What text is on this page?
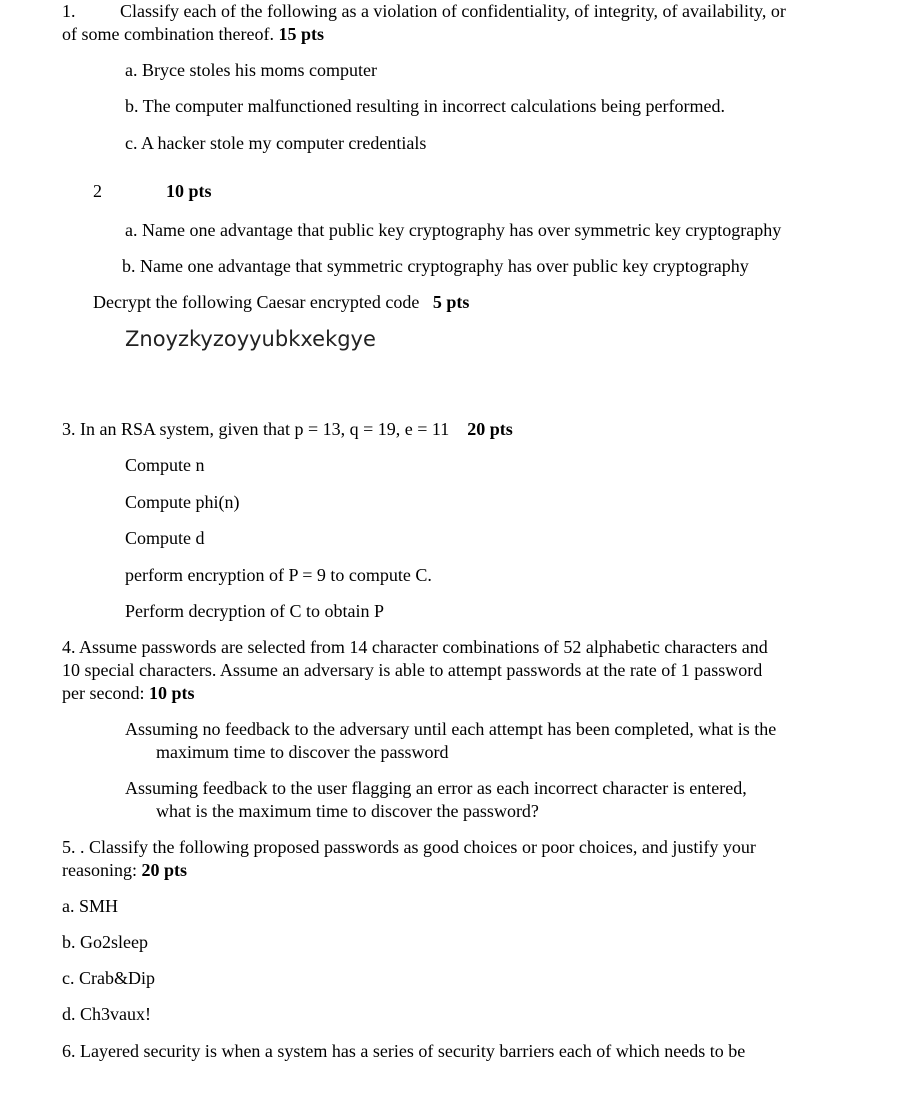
1. Classify each of the following as a violation of confidentiality, of integrity, of availability, or

of some combination thereof. 15 pts

a. Bryce stoles his moms computer

b. The computer malfunctioned resulting in incorrect calculations being performed.

c. A hacker stole my computer credentials

2	10 pts

a. Name one advantage that public key cryptography has over symmetric key cryptography

b. Name one advantage that symmetric cryptography has over public key cryptography

Decrypt the following Caesar encrypted code 5 pts

Znoyzkyzoyyubkxekgye

3. In an RSA system, given that p = 13, q = 19, e = 11 20 pts

Compute n

Compute phi(n)

Compute d

perform encryption of P = 9 to compute C.

Perform decryption of C to obtain P

4. Assume passwords are selected from 14 character combinations of 52 alphabetic characters and

10 special characters. Assume an adversary is able to attempt passwords at the rate of 1 password

per second: 10 pts

Assuming no feedback to the adversary until each attempt has been completed, what is the

maximum time to discover the password

Assuming feedback to the user flagging an error as each incorrect character is entered,

what is the maximum time to discover the password?

5. . Classify the following proposed passwords as good choices or poor choices, and justify your

reasoning: 20 pts

a. SMH

b. Go2sleep

c. Crab&Dip

d. Ch3vaux!

6. Layered security is when a system has a series of security barriers each of which needs to be
